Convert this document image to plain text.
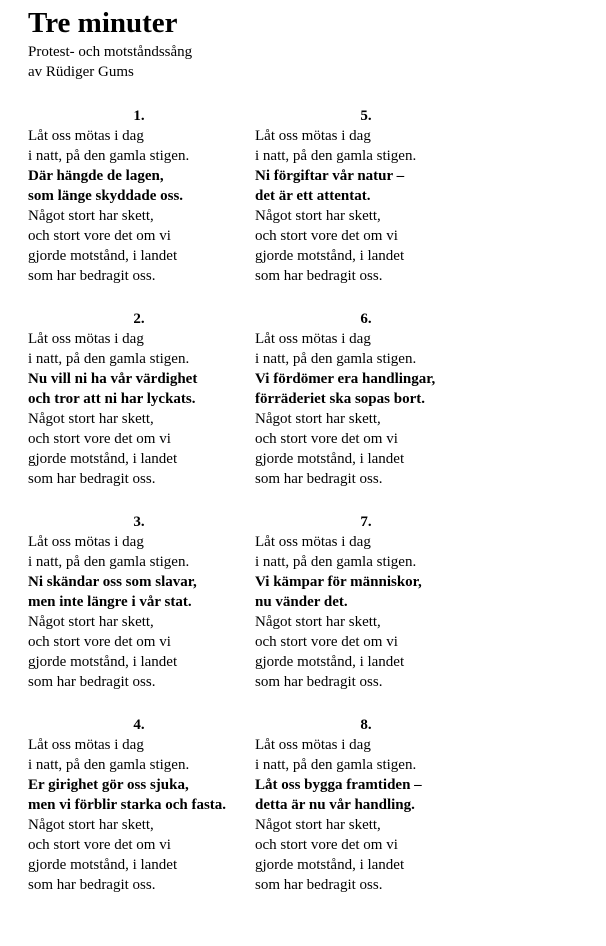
Tre minuter
Protest- och motståndssång
av Rüdiger Gums
1.
Låt oss mötas i dag
i natt, på den gamla stigen.
Där hängde de lagen,
som länge skyddade oss.
Något stort har skett,
och stort vore det om vi
gjorde motstånd, i landet
som har bedragit oss.
2.
Låt oss mötas i dag
i natt, på den gamla stigen.
Nu vill ni ha vår värdighet
och tror att ni har lyckats.
Något stort har skett,
och stort vore det om vi
gjorde motstånd, i landet
som har bedragit oss.
3.
Låt oss mötas i dag
i natt, på den gamla stigen.
Ni skändar oss som slavar,
men inte längre i vår stat.
Något stort har skett,
och stort vore det om vi
gjorde motstånd, i landet
som har bedragit oss.
4.
Låt oss mötas i dag
i natt, på den gamla stigen.
Er girighet gör oss sjuka,
men vi förblir starka och fasta.
Något stort har skett,
och stort vore det om vi
gjorde motstånd, i landet
som har bedragit oss.
5.
Låt oss mötas i dag
i natt, på den gamla stigen.
Ni förgiftar vår natur –
det är ett attentat.
Något stort har skett,
och stort vore det om vi
gjorde motstånd, i landet
som har bedragit oss.
6.
Låt oss mötas i dag
i natt, på den gamla stigen.
Vi fördömer era handlingar,
förräderiet ska sopas bort.
Något stort har skett,
och stort vore det om vi
gjorde motstånd, i landet
som har bedragit oss.
7.
Låt oss mötas i dag
i natt, på den gamla stigen.
Vi kämpar för människor,
nu vänder det.
Något stort har skett,
och stort vore det om vi
gjorde motstånd, i landet
som har bedragit oss.
8.
Låt oss mötas i dag
i natt, på den gamla stigen.
Låt oss bygga framtiden –
detta är nu vår handling.
Något stort har skett,
och stort vore det om vi
gjorde motstånd, i landet
som har bedragit oss.
